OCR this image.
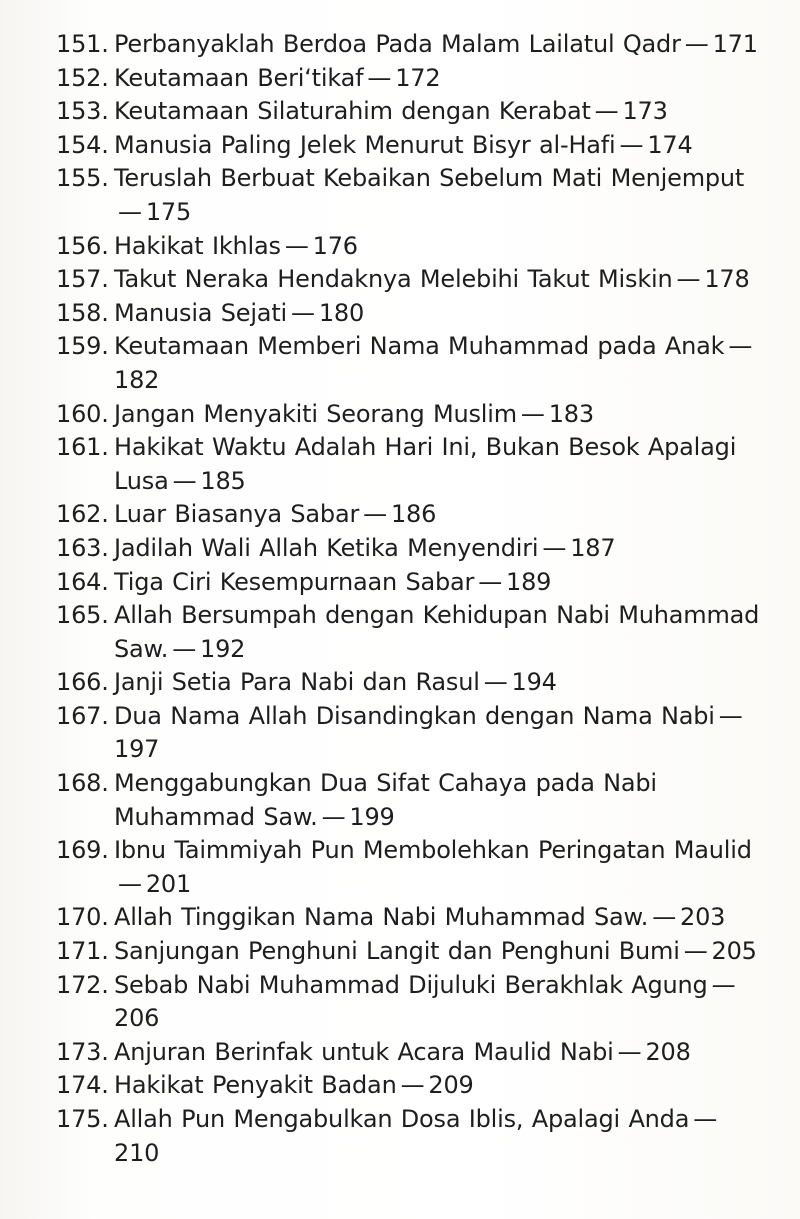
151. Perbanyaklah Berdoa Pada Malam Lailatul Qadr — 171
152. Keutamaan Beri‘tikaf — 172
153. Keutamaan Silaturahim dengan Kerabat — 173
154. Manusia Paling Jelek Menurut Bisyr al-Hafi — 174
155. Teruslah Berbuat Kebaikan Sebelum Mati Menjemput— 175
156. Hakikat Ikhlas — 176
157. Takut Neraka Hendaknya Melebihi Takut Miskin — 178
158. Manusia Sejati — 180
159. Keutamaan Memberi Nama Muhammad pada Anak —182
160. Jangan Menyakiti Seorang Muslim — 183
161. Hakikat Waktu Adalah Hari Ini, Bukan Besok Apalagi Lusa — 185
162. Luar Biasanya Sabar — 186
163. Jadilah Wali Allah Ketika Menyendiri — 187
164. Tiga Ciri Kesempurnaan Sabar — 189
165. Allah Bersumpah dengan Kehidupan Nabi Muhammad Saw. — 192
166. Janji Setia Para Nabi dan Rasul — 194
167. Dua Nama Allah Disandingkan dengan Nama Nabi —197
168. Menggabungkan Dua Sifat Cahaya pada Nabi Muhammad Saw. — 199
169. Ibnu Taimmiyah Pun Membolehkan Peringatan Maulid— 201
170. Allah Tinggikan Nama Nabi Muhammad Saw. — 203
171. Sanjungan Penghuni Langit dan Penghuni Bumi — 205
172. Sebab Nabi Muhammad Dijuluki Berakhlak Agung —206
173. Anjuran Berinfak untuk Acara Maulid Nabi — 208
174. Hakikat Penyakit Badan — 209
175. Allah Pun Mengabulkan Dosa Iblis, Apalagi Anda —210
